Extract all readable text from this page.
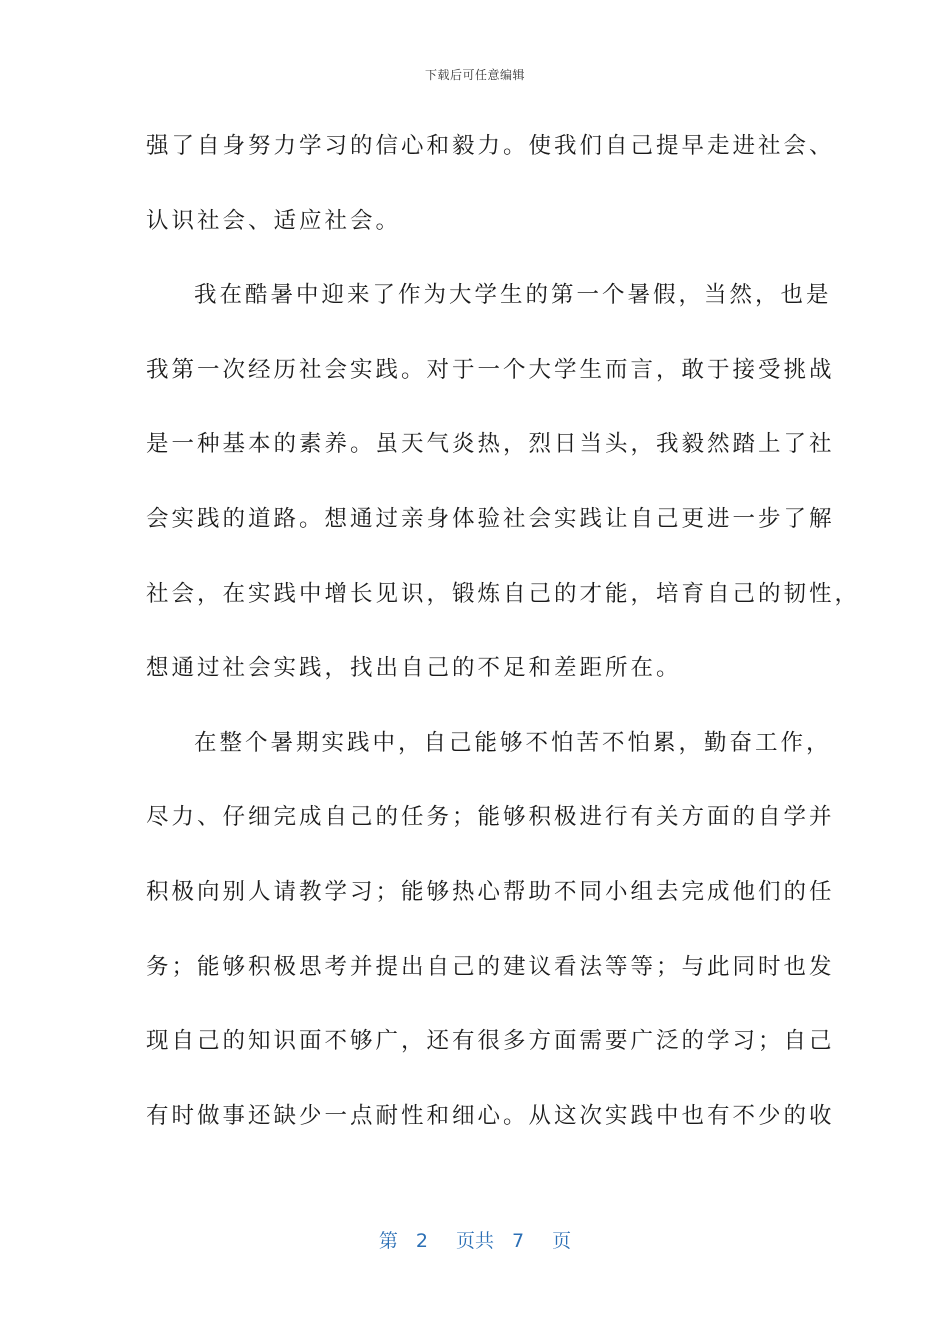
下载后可任意编辑
强了自身努力学习的信心和毅力。使我们自己提早走进社会、
认识社会、适应社会。
我在酷暑中迎来了作为大学生的第一个暑假，当然，也是
我第一次经历社会实践。对于一个大学生而言，敢于接受挑战
是一种基本的素养。虽天气炎热，烈日当头，我毅然踏上了社
会实践的道路。想通过亲身体验社会实践让自己更进一步了解
社会，在实践中增长见识，锻炼自己的才能，培育自己的韧性，
想通过社会实践，找出自己的不足和差距所在。
在整个暑期实践中，自己能够不怕苦不怕累，勤奋工作，
尽力、仔细完成自己的任务；能够积极进行有关方面的自学并
积极向别人请教学习；能够热心帮助不同小组去完成他们的任
务；能够积极思考并提出自己的建议看法等等；与此同时也发
现自己的知识面不够广，还有很多方面需要广泛的学习；自己
有时做事还缺少一点耐性和细心。从这次实践中也有不少的收
第 2 页共 7 页
